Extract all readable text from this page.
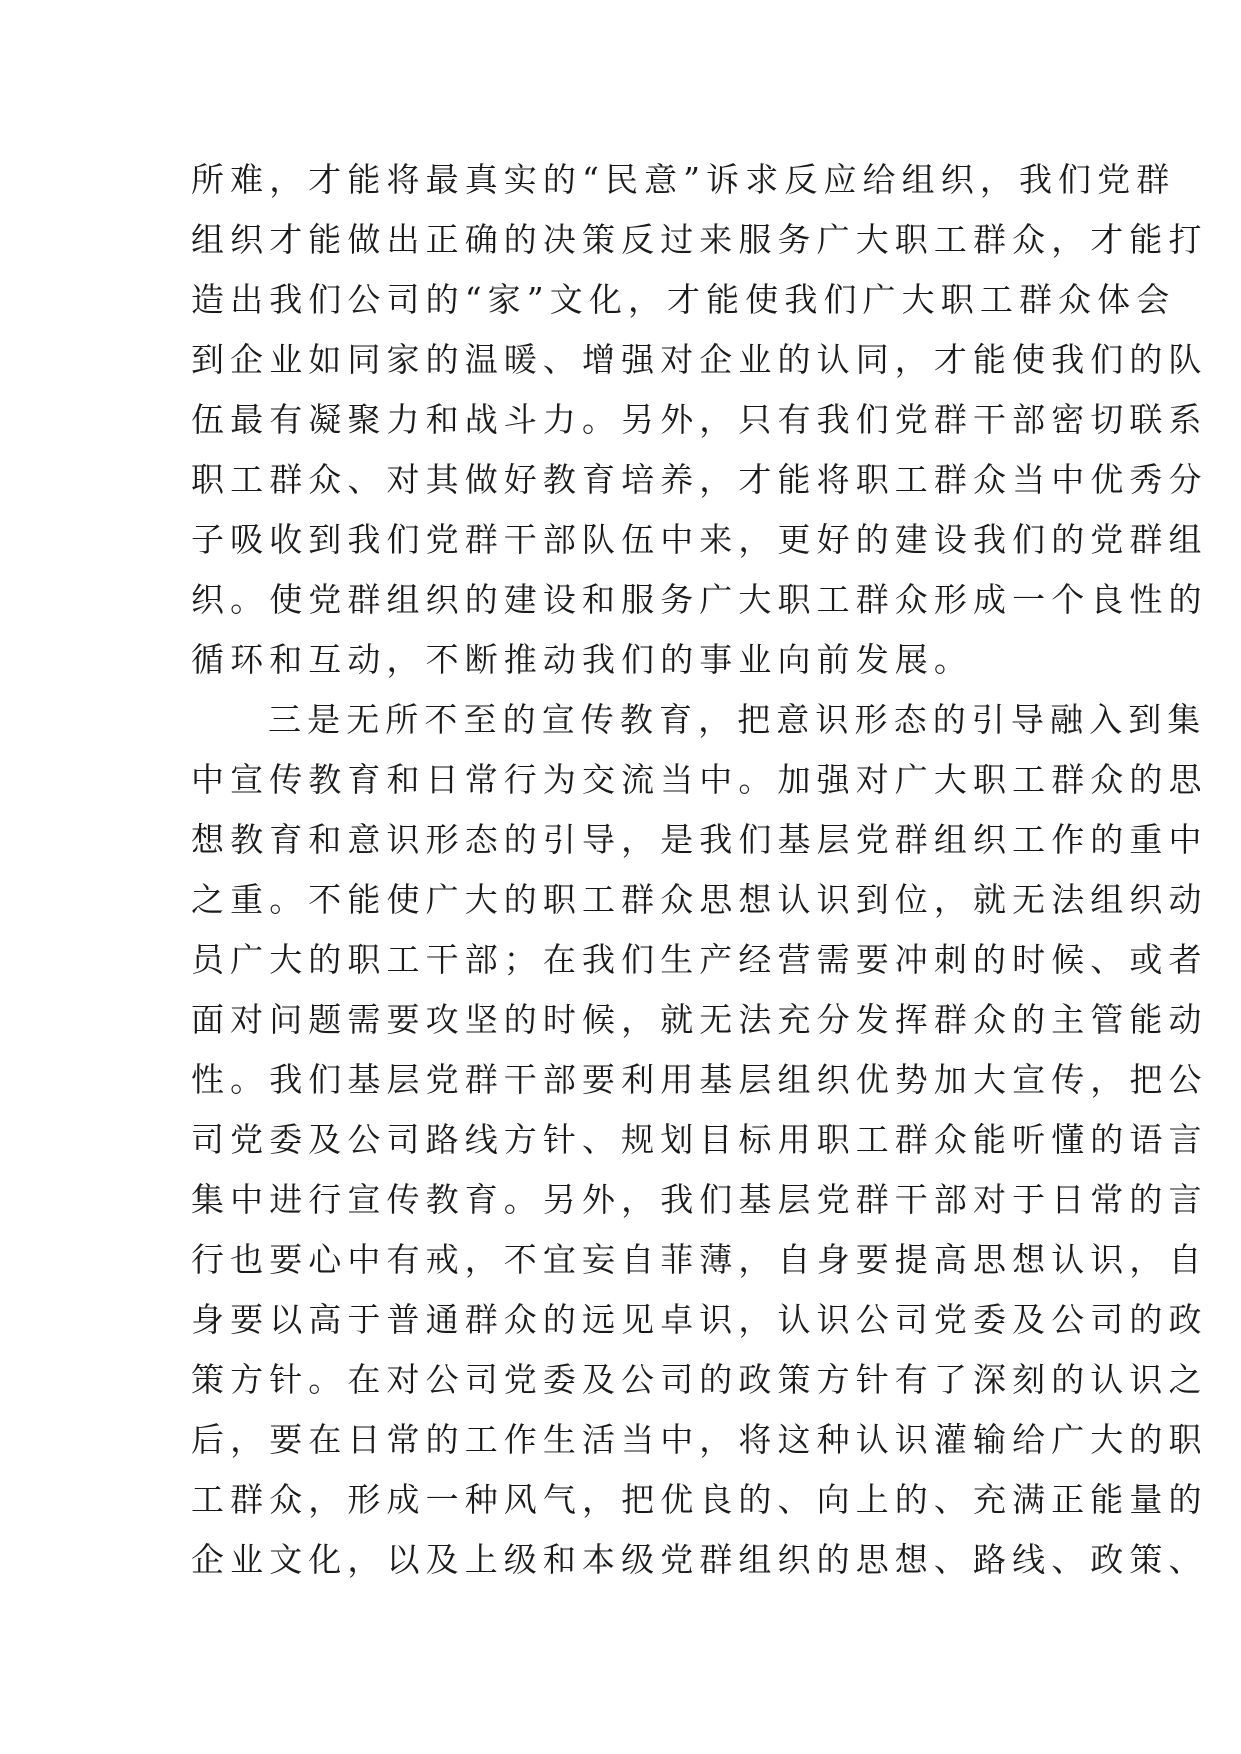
所难，才能将最真实的“民意”诉求反应给组织，我们党群
组织才能做出正确的决策反过来服务广大职工群众，才能打
造出我们公司的“家”文化，才能使我们广大职工群众体会
到企业如同家的温暖、增强对企业的认同，才能使我们的队
伍最有凝聚力和战斗力。另外，只有我们党群干部密切联系
职工群众、对其做好教育培养，才能将职工群众当中优秀分
子吸收到我们党群干部队伍中来，更好的建设我们的党群组
织。使党群组织的建设和服务广大职工群众形成一个良性的
循环和互动，不断推动我们的事业向前发展。
三是无所不至的宣传教育，把意识形态的引导融入到集
中宣传教育和日常行为交流当中。加强对广大职工群众的思
想教育和意识形态的引导，是我们基层党群组织工作的重中
之重。不能使广大的职工群众思想认识到位，就无法组织动
员广大的职工干部；在我们生产经营需要冲刺的时候、或者
面对问题需要攻坚的时候，就无法充分发挥群众的主管能动
性。我们基层党群干部要利用基层组织优势加大宣传，把公
司党委及公司路线方针、规划目标用职工群众能听懂的语言
集中进行宣传教育。另外，我们基层党群干部对于日常的言
行也要心中有戒，不宜妄自菲薄，自身要提高思想认识，自
身要以高于普通群众的远见卓识，认识公司党委及公司的政
策方针。在对公司党委及公司的政策方针有了深刻的认识之
后，要在日常的工作生活当中，将这种认识灌输给广大的职
工群众，形成一种风气，把优良的、向上的、充满正能量的
企业文化，以及上级和本级党群组织的思想、路线、政策、
